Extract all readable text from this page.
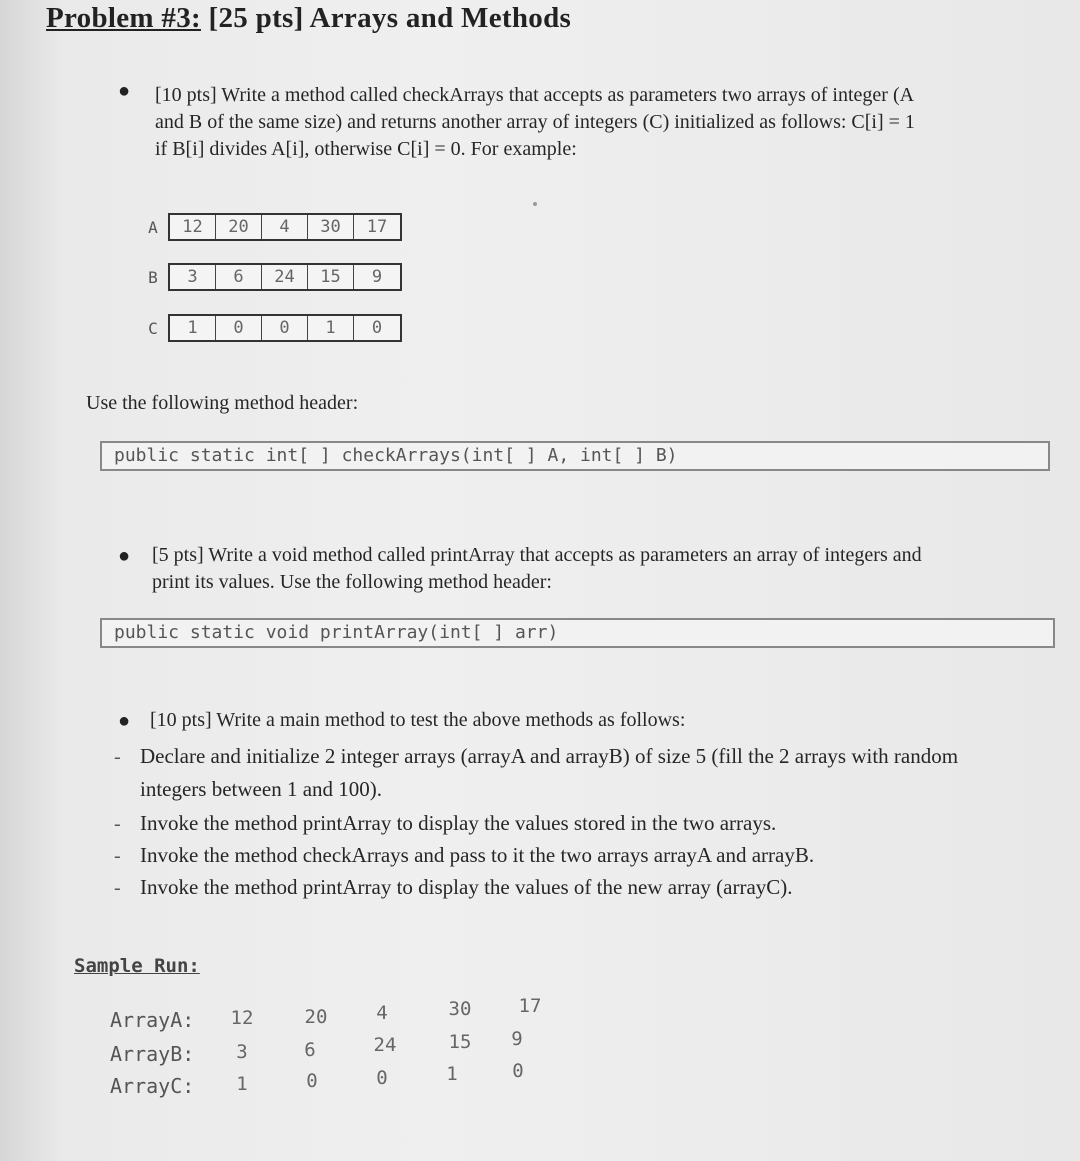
Problem #3: [25 pts] Arrays and Methods
● [10 pts] Write a method called checkArrays that accepts as parameters two arrays of integer (A
and B of the same size) and returns another array of integers (C) initialized as follows: C[i] = 1
if B[i] divides A[i], otherwise C[i] = 0. For example:
A	12	20	4	30	17
B	3	6	24	15	9
C	1	0	0	1	0
Use the following method header:
public static int[ ] checkArrays(int[ ] A, int[ ] B)
● [5 pts] Write a void method called printArray that accepts as parameters an array of integers and
print its values. Use the following method header:
public static void printArray(int[ ] arr)
● [10 pts] Write a main method to test the above methods as follows:
- Declare and initialize 2 integer arrays (arrayA and arrayB) of size 5 (fill the 2 arrays with random
integers between 1 and 100).
- Invoke the method printArray to display the values stored in the two arrays.
- Invoke the method checkArrays and pass to it the two arrays arrayA and arrayB.
- Invoke the method printArray to display the values of the new array (arrayC).
Sample Run:
ArrayA:	12	20	4	30	17
ArrayB:	3	6	24	15	9
ArrayC:	1	0	0	1	0
